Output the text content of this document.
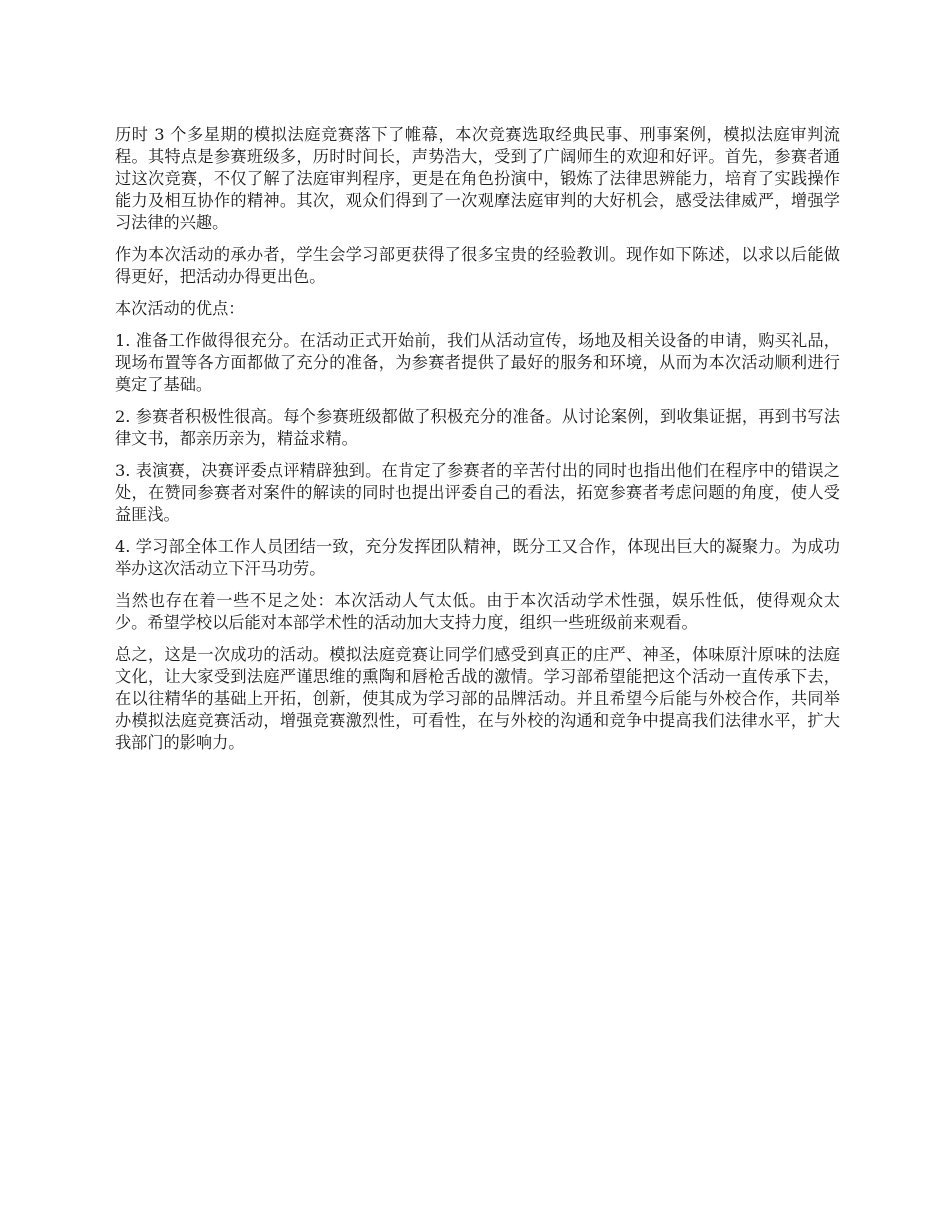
历时 3 个多星期的模拟法庭竞赛落下了帷幕，本次竞赛选取经典民事、刑事案例，模拟法庭审判流程。其特点是参赛班级多，历时时间长，声势浩大，受到了广阔师生的欢迎和好评。首先，参赛者通过这次竞赛，不仅了解了法庭审判程序，更是在角色扮演中，锻炼了法律思辨能力，培育了实践操作能力及相互协作的精神。其次，观众们得到了一次观摩法庭审判的大好机会，感受法律威严，增强学习法律的兴趣。

作为本次活动的承办者，学生会学习部更获得了很多宝贵的经验教训。现作如下陈述，以求以后能做得更好，把活动办得更出色。

本次活动的优点：

1. 准备工作做得很充分。在活动正式开始前，我们从活动宣传，场地及相关设备的申请，购买礼品，现场布置等各方面都做了充分的准备，为参赛者提供了最好的服务和环境，从而为本次活动顺利进行奠定了基础。

2. 参赛者积极性很高。每个参赛班级都做了积极充分的准备。从讨论案例，到收集证据，再到书写法律文书，都亲历亲为，精益求精。

3. 表演赛，决赛评委点评精辟独到。在肯定了参赛者的辛苦付出的同时也指出他们在程序中的错误之处，在赞同参赛者对案件的解读的同时也提出评委自己的看法，拓宽参赛者考虑问题的角度，使人受益匪浅。

4. 学习部全体工作人员团结一致，充分发挥团队精神，既分工又合作，体现出巨大的凝聚力。为成功举办这次活动立下汗马功劳。

当然也存在着一些不足之处：本次活动人气太低。由于本次活动学术性强，娱乐性低，使得观众太少。希望学校以后能对本部学术性的活动加大支持力度，组织一些班级前来观看。

总之，这是一次成功的活动。模拟法庭竞赛让同学们感受到真正的庄严、神圣，体味原汁原味的法庭文化，让大家受到法庭严谨思维的熏陶和唇枪舌战的激情。学习部希望能把这个活动一直传承下去，在以往精华的基础上开拓，创新，使其成为学习部的品牌活动。并且希望今后能与外校合作，共同举办模拟法庭竞赛活动，增强竞赛激烈性，可看性，在与外校的沟通和竞争中提高我们法律水平，扩大我部门的影响力。
